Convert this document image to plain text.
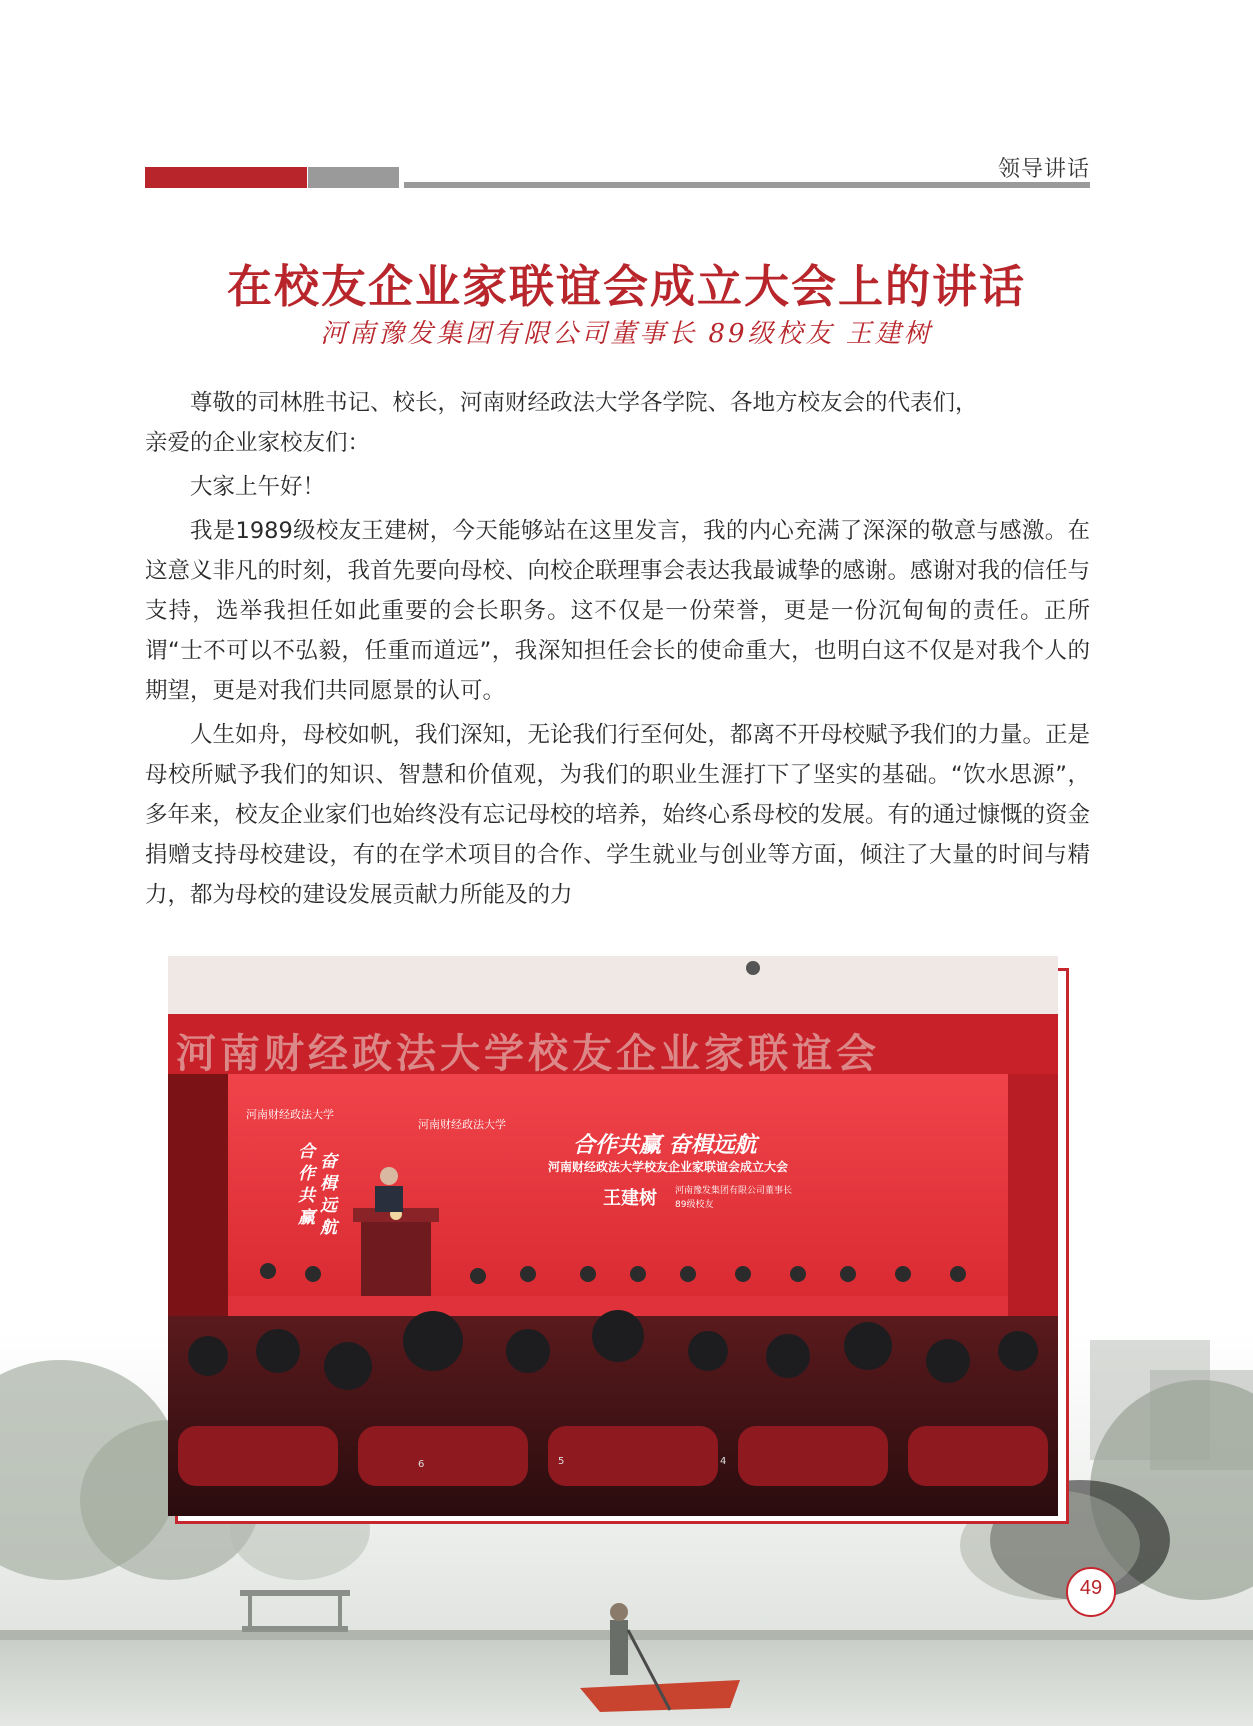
领导讲话
在校友企业家联谊会成立大会上的讲话
河南豫发集团有限公司董事长 89级校友 王建树

尊敬的司林胜书记、校长，河南财经政法大学各学院、各地方校友会的代表们，
亲爱的企业家校友们：

大家上午好！

我是1989级校友王建树，今天能够站在这里发言，我的内心充满了深深的敬意与感激。在这意义非凡的时刻，我首先要向母校、向校企联理事会表达我最诚挚的感谢。感谢对我的信任与支持，选举我担任如此重要的会长职务。这不仅是一份荣誉，更是一份沉甸甸的责任。正所谓“士不可以不弘毅，任重而道远”，我深知担任会长的使命重大，也明白这不仅是对我个人的期望，更是对我们共同愿景的认可。

人生如舟，母校如帆，我们深知，无论我们行至何处，都离不开母校赋予我们的力量。正是母校所赋予我们的知识、智慧和价值观，为我们的职业生涯打下了坚实的基础。“饮水思源”，多年来，校友企业家们也始终没有忘记母校的培养，始终心系母校的发展。有的通过慷慨的资金捐赠支持母校建设，有的在学术项目的合作、学生就业与创业等方面，倾注了大量的时间与精力，都为母校的建设发展贡献力所能及的力

河南财经政法大学校友企业家联谊会
河南财经政法大学
河南财经政法大学
合作共赢 奋楫远航
河南财经政法大学校友企业家联谊会成立大会
王建树 河南豫发集团有限公司董事长
89级校友
合作共赢
奋楫远航
6	5	4
49
